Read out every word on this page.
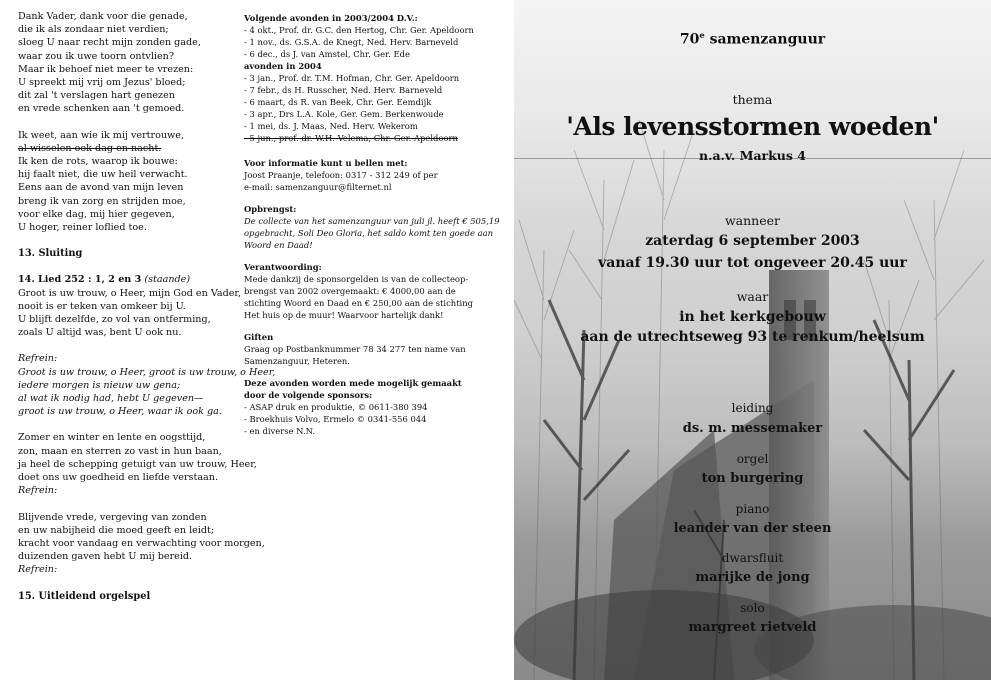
Dank Vader, dank voor die genade,
die ik als zondaar niet verdien;
sloeg U naar recht mijn zonden gade,
waar zou ik uwe toorn ontvlien?
Maar ik behoef niet meer te vrezen:
U spreekt mij vrij om Jezus' bloed;
dit zal 't verslagen hart genezen
en vrede schenken aan 't gemoed.
Ik weet, aan wie ik mij vertrouwe,
al wisselen ook dag en nacht.
Ik ken de rots, waarop ik bouwe:
hij faalt niet, die uw heil verwacht.
Eens aan de avond van mijn leven
breng ik van zorg en strijden moe,
voor elke dag, mij hier gegeven,
U hoger, reiner loflied toe.
13. Sluiting
14. Lied 252 : 1, 2 en 3 (staande)
Groot is uw trouw, o Heer, mijn God en Vader,
nooit is er teken van omkeer bij U.
U blijft dezelfde, zo vol van ontferming,
zoals U altijd was, bent U ook nu.
Refrein:
Groot is uw trouw, o Heer, groot is uw trouw, o Heer,
iedere morgen is nieuw uw gena;
al wat ik nodig had, hebt U gegeven—
groot is uw trouw, o Heer, waar ik ook ga.
Zomer en winter en lente en oogsttijd,
zon, maan en sterren zo vast in hun baan,
ja heel de schepping getuigt van uw trouw, Heer,
doet ons uw goedheid en liefde verstaan.
Refrein:
Blijvende vrede, vergeving van zonden
en uw nabijheid die moed geeft en leidt;
kracht voor vandaag en verwachting voor morgen,
duizenden gaven hebt U mij bereid.
Refrein:
15. Uitleidend orgelspel
Volgende avonden in 2003/2004 D.V.:
- 4 okt., Prof. dr. G.C. den Hertog, Chr. Ger. Apeldoorn
- 1 nov., ds. G.S.A. de Knegt, Ned. Herv. Barneveld
- 6 dec., ds J. van Amstel, Chr. Ger. Ede
avonden in 2004
- 3 jan., Prof. dr. T.M. Hofman, Chr. Ger. Apeldoorn
- 7 febr., ds H. Russcher, Ned. Herv. Barneveld
- 6 maart, ds R. van Beek, Chr. Ger. Eemdijk
- 3 apr., Drs L.A. Kole, Ger. Gem. Berkenwoude
- 1 mei, ds. J. Maas, Ned. Herv. Wekerom
- 5 jun., prof. dr. W.H. Velema, Chr. Ger. Apeldoorn
Voor informatie kunt u bellen met:
Joost Praanje, telefoon: 0317 - 312 249 of per
e-mail: samenzanguur@filternet.nl
Opbrengst:
De collecte van het samenzanguur van juli jl. heeft € 505,19
opgebracht, Soli Deo Gloria, het saldo komt ten goede aan
Woord en Daad!
Verantwoording:
Mede dankzij de sponsorgelden is van de collecteop-
brengst van 2002 overgemaakt: € 4000,00 aan de
stichting Woord en Daad en € 250,00 aan de stichting
Het huis op de muur! Waarvoor hartelijk dank!
Giften
Graag op Postbanknummer 78 34 277 ten name van
Samenzanguur, Heteren.
Deze avonden worden mede mogelijk gemaakt
door de volgende sponsors:
- ASAP druk en produktie, © 0611-380 394
- Broekhuis Volvo, Ermelo © 0341-556 044
- en diverse N.N.
70e samenzanguur
thema
'Als levensstormen woeden'
n.a.v. Markus 4
wanneer
zaterdag 6 september 2003
vanaf 19.30 uur tot ongeveer 20.45 uur
waar
in het kerkgebouw
aan de utrechtseweg 93 te renkum/heelsum
leiding
ds. m. messemaker
orgel
ton burgering
piano
leander van der steen
dwarsfluit
marijke de jong
solo
margreet rietveld
